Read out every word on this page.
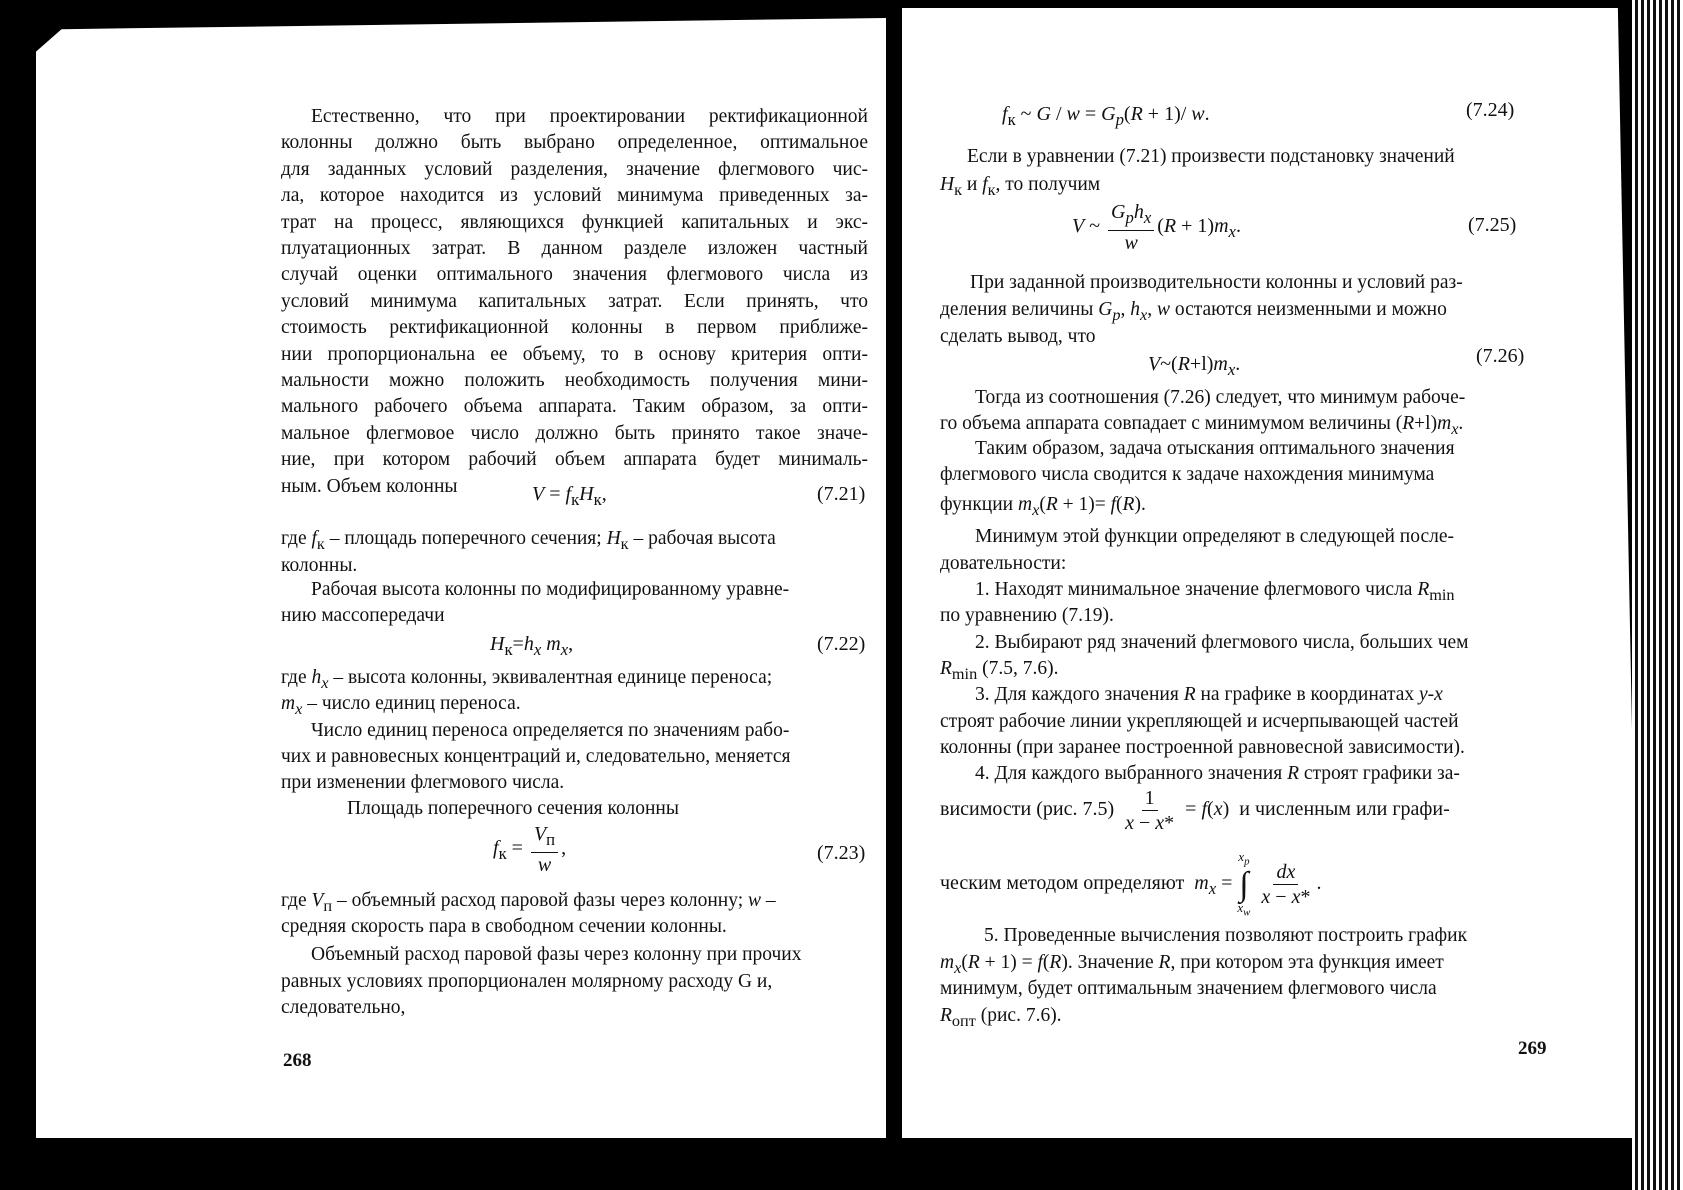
Естественно, что при проектировании ректификационной
колонны должно быть выбрано определенное, оптимальное
для заданных условий разделения, значение флегмового чис-
ла, которое находится из условий минимума приведенных за-
трат на процесс, являющихся функцией капитальных и экс-
плуатационных затрат. В данном разделе изложен частный
случай оценки оптимального значения флегмового числа из
условий минимума капитальных затрат. Если принять, что
стоимость ректификационной колонны в первом приближе-
нии пропорциональна ее объему, то в основу критерия опти-
мальности можно положить необходимость получения мини-
мального рабочего объема аппарата. Таким образом, за опти-
мальное флегмовое число должно быть принято такое значе-
ние, при котором рабочий объем аппарата будет минималь-
ным. Объем колонны	$V = f_кH_к$,	(7.21)
где $f_к$ – площадь поперечного сечения; $H_к$ – рабочая высота
колонны.
Рабочая высота колонны по модифицированному уравне-
нию массопередачи
$H_к=h_x$ $m_x$,	(7.22)
где $h_x$ – высота колонны, эквивалентная единице переноса;
$m_x$ – число единиц переноса.
Число единиц переноса определяется по значениям рабо-
чих и равновесных концентраций и, следовательно, меняется
при изменении флегмового числа.
Площадь поперечного сечения колонны
$f_к = \frac{V_п}{w}$ ,	(7.23)
где $V_п$ – объемный расход паровой фазы через колонну; w –
средняя скорость пара в свободном сечении колонны.
Объемный расход паровой фазы через колонну при прочих
равных условиях пропорционален молярному расходу G и,
следовательно,
268
$f_к$ ~ $G / w = G_p(R + 1)/$ w.	(7.24)
Если в уравнении (7.21) произвести подстановку значений
$H_к$ и $f_к$, то получим
V ~ $\frac{G_ph_x}{w} (R + 1)m_x$.	(7.25)
При заданной производительности колонны и условий раз-
деления величины $G_p$, $h_x$, w остаются неизменными и можно
сделать вывод, что
$V\sim(R+l)m_x$.	(7.26)
Тогда из соотношения (7.26) следует, что минимум рабоче-
го объема аппарата совпадает с минимумом величины $(R+l)m_x$.
Таким образом, задача отыскания оптимального значения
флегмового числа сводится к задаче нахождения минимума
функции $m_x(R + 1)= f(R)$.
Минимум этой функции определяют в следующей после-
довательности:
1. Находят минимальное значение флегмового числа $R_{min}$
по уравнению (7.19).
2. Выбирают ряд значений флегмового числа, больших чем
$R_{min}$ (7.5, 7.6).
3. Для каждого значения R на графике в координатах y-x
строят рабочие линии укрепляющей и исчерпывающей частей
колонны (при заранее построенной равновесной зависимости).
4. Для каждого выбранного значения R строят графики за-
висимости (рис. $7.5) \frac{1}{x - x*} = f(x)$  и численным или графи-
ческим методом определяют $m_x$ =
$x_p$
∫
$x_w$

$\frac{dx}{x - x*}$ .
5. Проведенные вычисления позволяют построить график
$m_x(R + 1) = f(R)$. Значение R, при котором эта функция имеет
минимум, будет оптимальным значением флегмового числа
$R_{опт}$ (рис. 7.6).
269
